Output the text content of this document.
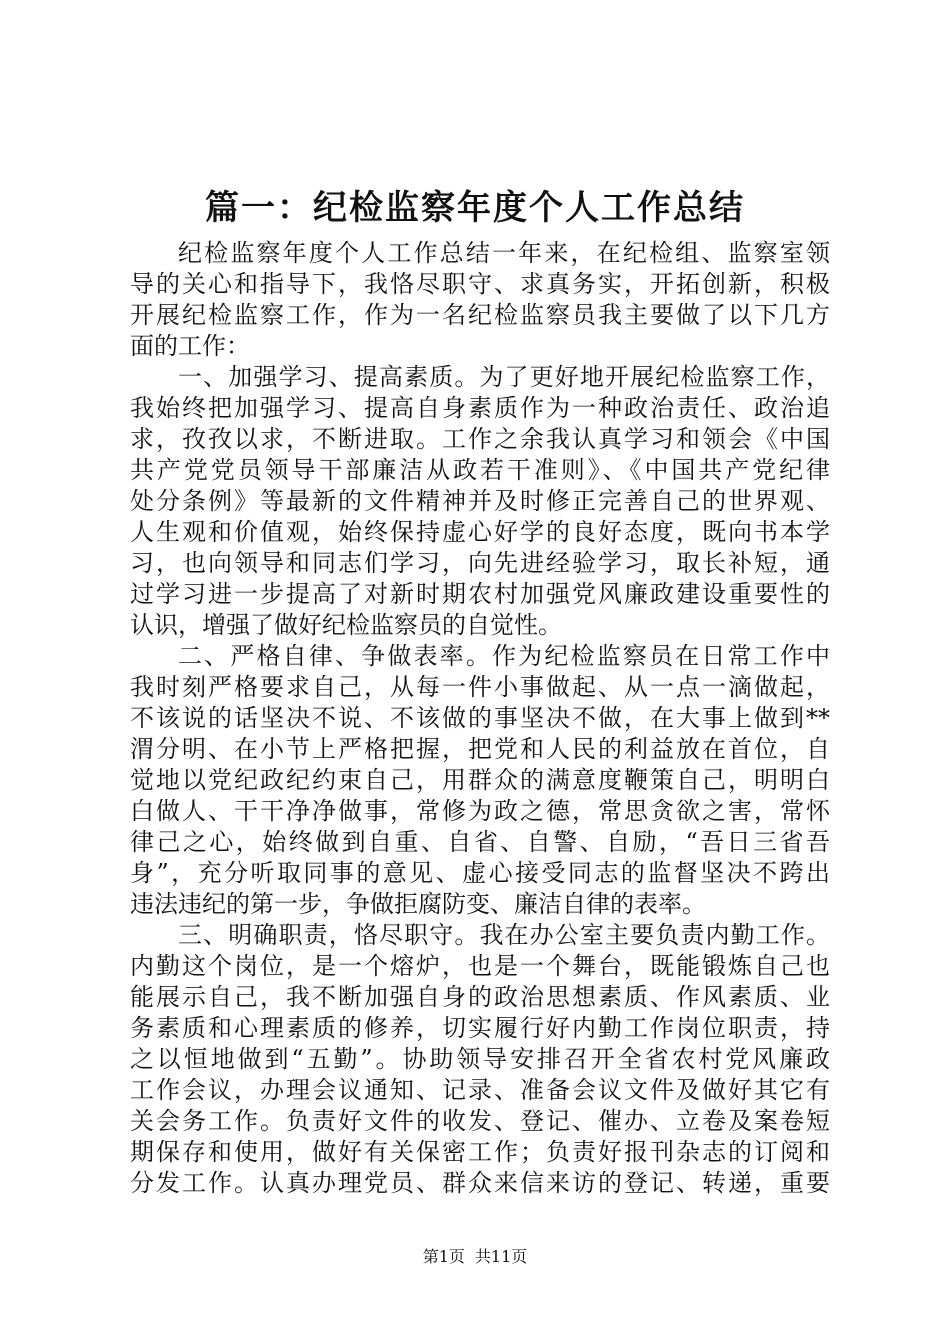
篇一：纪检监察年度个人工作总结
纪检监察年度个人工作总结一年来，在纪检组、监察室领
导的关心和指导下，我恪尽职守、求真务实，开拓创新，积极
开展纪检监察工作，作为一名纪检监察员我主要做了以下几方
面的工作：
一、加强学习、提高素质。为了更好地开展纪检监察工作，
我始终把加强学习、提高自身素质作为一种政治责任、政治追
求，孜孜以求，不断进取。工作之余我认真学习和领会《中国
共产党党员领导干部廉洁从政若干准则》、《中国共产党纪律
处分条例》等最新的文件精神并及时修正完善自己的世界观、
人生观和价值观，始终保持虚心好学的良好态度，既向书本学
习，也向领导和同志们学习，向先进经验学习，取长补短，通
过学习进一步提高了对新时期农村加强党风廉政建设重要性的
认识，增强了做好纪检监察员的自觉性。
二、严格自律、争做表率。作为纪检监察员在日常工作中
我时刻严格要求自己，从每一件小事做起、从一点一滴做起，
不该说的话坚决不说、不该做的事坚决不做，在大事上做到**
渭分明、在小节上严格把握，把党和人民的利益放在首位，自
觉地以党纪政纪约束自己，用群众的满意度鞭策自己，明明白
白做人、干干净净做事，常修为政之德，常思贪欲之害，常怀
律己之心，始终做到自重、自省、自警、自励，“吾日三省吾
身”，充分听取同事的意见、虚心接受同志的监督坚决不跨出
违法违纪的第一步，争做拒腐防变、廉洁自律的表率。
三、明确职责，恪尽职守。我在办公室主要负责内勤工作。
内勤这个岗位，是一个熔炉，也是一个舞台，既能锻炼自己也
能展示自己，我不断加强自身的政治思想素质、作风素质、业
务素质和心理素质的修养，切实履行好内勤工作岗位职责，持
之以恒地做到“五勤”。协助领导安排召开全省农村党风廉政
工作会议，办理会议通知、记录、准备会议文件及做好其它有
关会务工作。负责好文件的收发、登记、催办、立卷及案卷短
期保存和使用，做好有关保密工作；负责好报刊杂志的订阅和
分发工作。认真办理党员、群众来信来访的登记、转递，重要
第1页 共11页
